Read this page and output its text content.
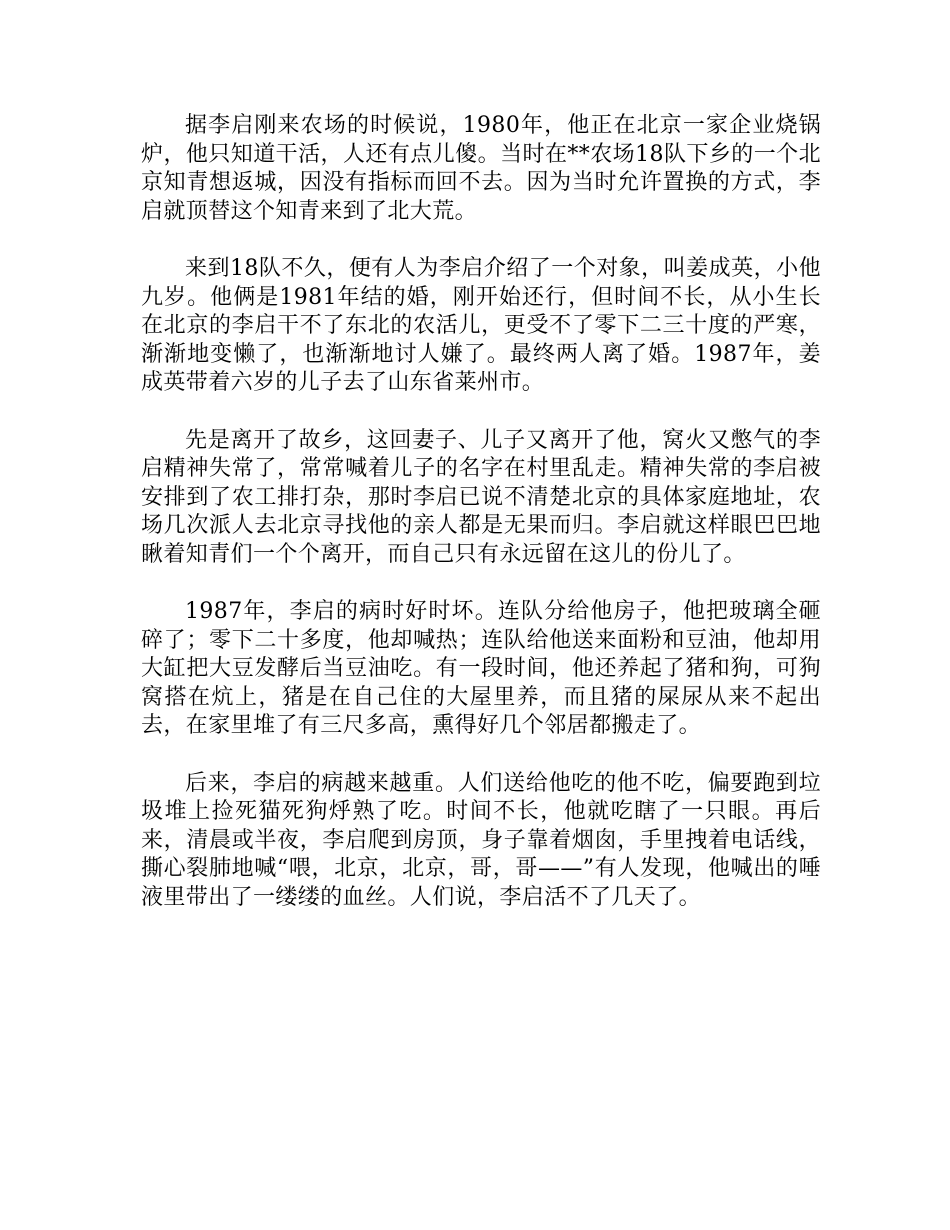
据李启刚来农场的时候说，1980年，他正在北京一家企业烧锅炉，他只知道干活，人还有点儿傻。当时在**农场18队下乡的一个北京知青想返城，因没有指标而回不去。因为当时允许置换的方式，李启就顶替这个知青来到了北大荒。

来到18队不久，便有人为李启介绍了一个对象，叫姜成英，小他九岁。他俩是1981年结的婚，刚开始还行，但时间不长，从小生长在北京的李启干不了东北的农活儿，更受不了零下二三十度的严寒，渐渐地变懒了，也渐渐地讨人嫌了。最终两人离了婚。1987年，姜成英带着六岁的儿子去了山东省莱州市。

先是离开了故乡，这回妻子、儿子又离开了他，窝火又憋气的李启精神失常了，常常喊着儿子的名字在村里乱走。精神失常的李启被安排到了农工排打杂，那时李启已说不清楚北京的具体家庭地址，农场几次派人去北京寻找他的亲人都是无果而归。李启就这样眼巴巴地瞅着知青们一个个离开，而自己只有永远留在这儿的份儿了。

1987年，李启的病时好时坏。连队分给他房子，他把玻璃全砸碎了；零下二十多度，他却喊热；连队给他送来面粉和豆油，他却用大缸把大豆发酵后当豆油吃。有一段时间，他还养起了猪和狗，可狗窝搭在炕上，猪是在自己住的大屋里养，而且猪的屎尿从来不起出去，在家里堆了有三尺多高，熏得好几个邻居都搬走了。

后来，李启的病越来越重。人们送给他吃的他不吃，偏要跑到垃圾堆上捡死猫死狗烀熟了吃。时间不长，他就吃瞎了一只眼。再后来，清晨或半夜，李启爬到房顶，身子靠着烟囱，手里拽着电话线，撕心裂肺地喊“喂，北京，北京，哥，哥——”有人发现，他喊出的唾液里带出了一缕缕的血丝。人们说，李启活不了几天了。
